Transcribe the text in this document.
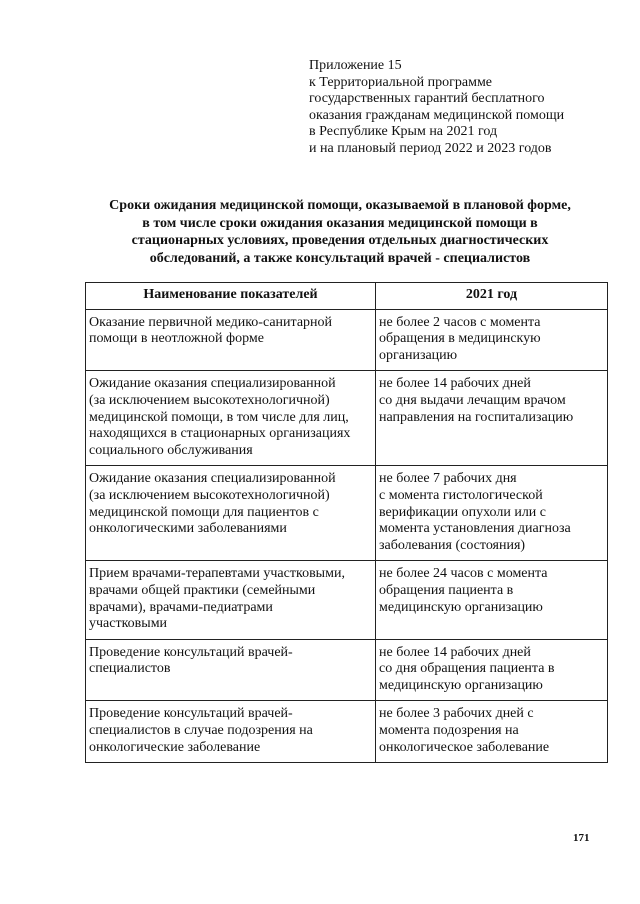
Приложение 15
к Территориальной программе
государственных гарантий бесплатного
оказания гражданам медицинской помощи
в Республике Крым на 2021 год
и на плановый период 2022 и 2023 годов
Сроки ожидания медицинской помощи, оказываемой в плановой форме,
в том числе сроки ожидания оказания медицинской помощи в
стационарных условиях, проведения отдельных диагностических
обследований, а также консультаций врачей - специалистов
Наименование показателей	2021 год

Оказание первичной медико-санитарной
помощи в неотложной форме	не более 2 часов с момента
обращения в медицинскую
организацию

Ожидание оказания специализированной
(за исключением высокотехнологичной)
медицинской помощи, в том числе для лиц,
находящихся в стационарных организациях
социального обслуживания	не более 14 рабочих дней
со дня выдачи лечащим врачом
направления на госпитализацию

Ожидание оказания специализированной
(за исключением высокотехнологичной)
медицинской помощи для пациентов с
онкологическими заболеваниями	не более 7 рабочих дня
с момента гистологической
верификации опухоли или с
момента установления диагноза
заболевания (состояния)

Прием врачами-терапевтами участковыми,
врачами общей практики (семейными
врачами), врачами-педиатрами
участковыми	не более 24 часов с момента
обращения пациента в
медицинскую организацию

Проведение консультаций врачей-
специалистов	не более 14 рабочих дней
со дня обращения пациента в
медицинскую организацию

Проведение консультаций врачей-
специалистов в случае подозрения на
онкологические заболевание	не более 3 рабочих дней с
момента подозрения на
онкологическое заболевание
171
